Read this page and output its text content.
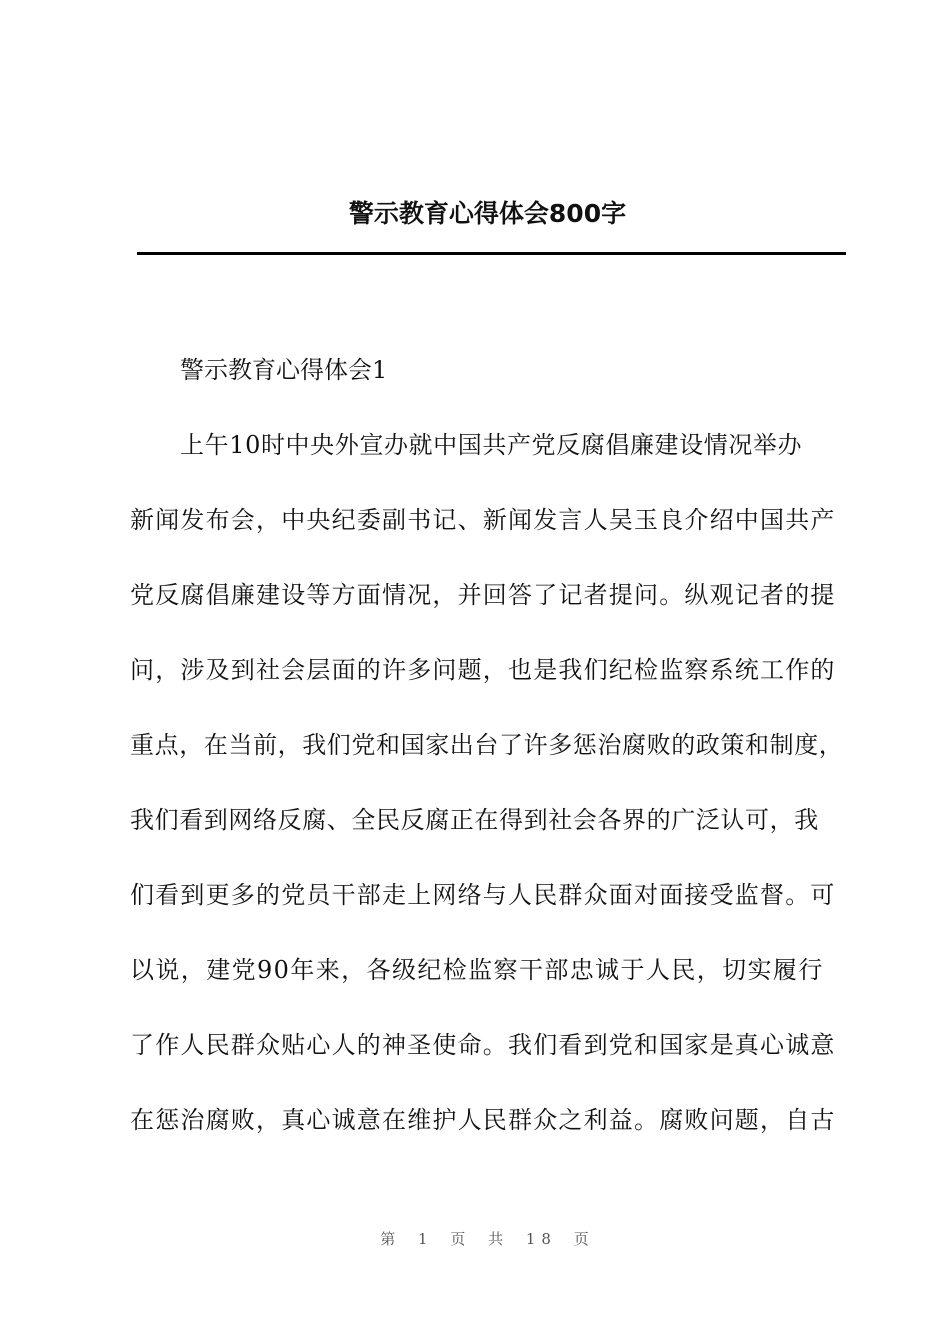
警示教育心得体会800字

警示教育心得体会1

上午10时中央外宣办就中国共产党反腐倡廉建设情况举办

新闻发布会，中央纪委副书记、新闻发言人吴玉良介绍中国共产

党反腐倡廉建设等方面情况，并回答了记者提问。纵观记者的提

问，涉及到社会层面的许多问题，也是我们纪检监察系统工作的

重点，在当前，我们党和国家出台了许多惩治腐败的政策和制度，

我们看到网络反腐、全民反腐正在得到社会各界的广泛认可，我

们看到更多的党员干部走上网络与人民群众面对面接受监督。可

以说，建党90年来，各级纪检监察干部忠诚于人民，切实履行

了作人民群众贴心人的神圣使命。我们看到党和国家是真心诚意

在惩治腐败，真心诚意在维护人民群众之利益。腐败问题，自古

第 1 页 共 18 页
